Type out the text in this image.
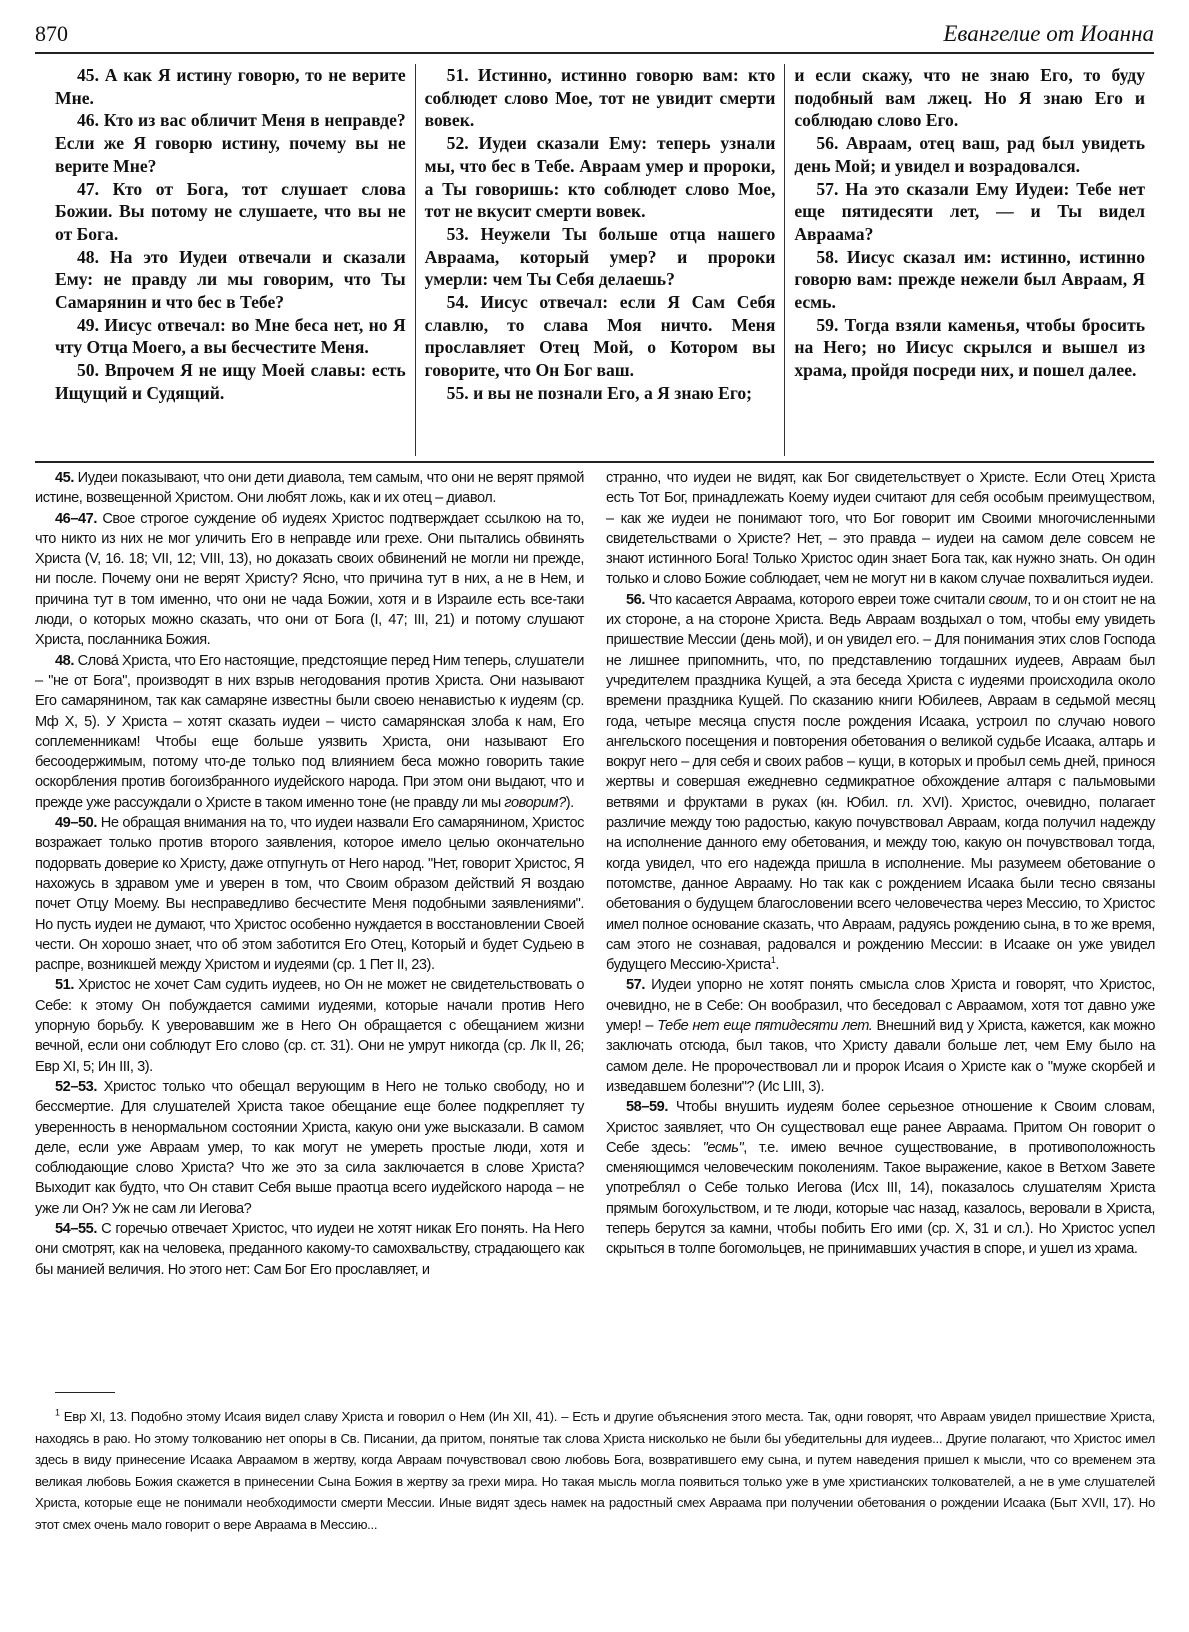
870	Евангелие от Иоанна

45. А как Я истину говорю, то не верите Мне.

46. Кто из вас обличит Меня в неправде? Если же Я говорю истину, почему вы не верите Мне?

47. Кто от Бога, тот слушает слова Божии. Вы потому не слушаете, что вы не от Бога.

48. На это Иудеи отвечали и сказали Ему: не правду ли мы говорим, что Ты Самарянин и что бес в Тебе?

49. Иисус отвечал: во Мне беса нет, но Я чту Отца Моего, а вы бесчестите Меня.

50. Впрочем Я не ищу Моей славы: есть Ищущий и Судящий.

51. Истинно, истинно говорю вам: кто соблюдет слово Мое, тот не увидит смерти вовек.

52. Иудеи сказали Ему: теперь узнали мы, что бес в Тебе. Авраам умер и пророки, а Ты говоришь: кто соблюдет слово Мое, тот не вкусит смерти вовек.

53. Неужели Ты больше отца нашего Авраама, который умер? и пророки умерли: чем Ты Себя делаешь?

54. Иисус отвечал: если Я Сам Себя славлю, то слава Моя ничто. Меня прославляет Отец Мой, о Котором вы говорите, что Он Бог ваш.

55. и вы не познали Его, а Я знаю Его;

и если скажу, что не знаю Его, то буду подобный вам лжец. Но Я знаю Его и соблюдаю слово Его.

56. Авраам, отец ваш, рад был увидеть день Мой; и увидел и возрадовался.

57. На это сказали Ему Иудеи: Тебе нет еще пятидесяти лет, — и Ты видел Авраама?

58. Иисус сказал им: истинно, истинно говорю вам: прежде нежели был Авраам, Я есмь.

59. Тогда взяли каменья, чтобы бросить на Него; но Иисус скрылся и вышел из храма, пройдя посреди них, и пошел далее.

45. Иудеи показывают, что они дети диавола, тем самым, что они не верят прямой истине, возвещенной Христом. Они любят ложь, как и их отец – диавол.

46–47. Свое строгое суждение об иудеях Христос подтверждает ссылкою на то, что никто из них не мог уличить Его в неправде или грехе. Они пытались обвинять Христа (V, 16. 18; VII, 12; VIII, 13), но доказать своих обвинений не могли ни прежде, ни после. Почему они не верят Христу? Ясно, что причина тут в них, а не в Нем, и причина тут в том именно, что они не чада Божии, хотя и в Израиле есть все-таки люди, о которых можно сказать, что они от Бога (I, 47; III, 21) и потому слушают Христа, посланника Божия.

48. Слова́ Христа, что Его настоящие, предстоящие перед Ним теперь, слушатели – "не от Бога", производят в них взрыв негодования против Христа. Они называют Его самарянином, так как самаряне известны были своею ненавистью к иудеям (ср. Мф X, 5). У Христа – хотят сказать иудеи – чисто самарянская злоба к нам, Его соплеменникам! Чтобы еще больше уязвить Христа, они называют Его бесоодержимым, потому что-де только под влиянием беса можно говорить такие оскорбления против богоизбранного иудейского народа. При этом они выдают, что и прежде уже рассуждали о Христе в таком именно тоне (не правду ли мы говорим?).

49–50. Не обращая внимания на то, что иудеи назвали Его самарянином, Христос возражает только против второго заявления, которое имело целью окончательно подорвать доверие ко Христу, даже отпугнуть от Него народ. "Нет, говорит Христос, Я нахожусь в здравом уме и уверен в том, что Своим образом действий Я воздаю почет Отцу Моему. Вы несправедливо бесчестите Меня подобными заявлениями". Но пусть иудеи не думают, что Христос особенно нуждается в восстановлении Своей чести. Он хорошо знает, что об этом заботится Его Отец, Который и будет Судьею в распре, возникшей между Христом и иудеями (ср. 1 Пет II, 23).

51. Христос не хочет Сам судить иудеев, но Он не может не свидетельствовать о Себе: к этому Он побуждается самими иудеями, которые начали против Него упорную борьбу. К уверовавшим же в Него Он обращается с обещанием жизни вечной, если они соблюдут Его слово (ср. ст. 31). Они не умрут никогда (ср. Лк II, 26; Евр XI, 5; Ин III, 3).

52–53. Христос только что обещал верующим в Него не только свободу, но и бессмертие. Для слушателей Христа такое обещание еще более подкрепляет ту уверенность в ненормальном состоянии Христа, какую они уже высказали. В самом деле, если уже Авраам умер, то как могут не умереть простые люди, хотя и соблюдающие слово Христа? Что же это за сила заключается в слове Христа? Выходит как будто, что Он ставит Себя выше праотца всего иудейского народа – не уже ли Он? Уж не сам ли Иегова?

54–55. С горечью отвечает Христос, что иудеи не хотят никак Его понять. На Него они смотрят, как на человека, преданного какому-то самохвальству, страдающего как бы манией величия. Но этого нет: Сам Бог Его прославляет, и

странно, что иудеи не видят, как Бог свидетельствует о Христе. Если Отец Христа есть Тот Бог, принадлежать Коему иудеи считают для себя особым преимуществом, – как же иудеи не понимают того, что Бог говорит им Своими многочисленными свидетельствами о Христе? Нет, – это правда – иудеи на самом деле совсем не знают истинного Бога! Только Христос один знает Бога так, как нужно знать. Он один только и слово Божие соблюдает, чем не могут ни в каком случае похвалиться иудеи.

56. Что касается Авраама, которого евреи тоже считали своим, то и он стоит не на их стороне, а на стороне Христа. Ведь Авраам воздыхал о том, чтобы ему увидеть пришествие Мессии (день мой), и он увидел его. – Для понимания этих слов Господа не лишнее припомнить, что, по представлению тогдашних иудеев, Авраам был учредителем праздника Кущей, а эта беседа Христа с иудеями происходила около времени праздника Кущей. По сказанию книги Юбилеев, Авраам в седьмой месяц года, четыре месяца спустя после рождения Исаака, устроил по случаю нового ангельского посещения и повторения обетования о великой судьбе Исаака, алтарь и вокруг него – для себя и своих рабов – кущи, в которых и пробыл семь дней, принося жертвы и совершая ежедневно седмикратное обхождение алтаря с пальмовыми ветвями и фруктами в руках (кн. Юбил. гл. XVI). Христос, очевидно, полагает различие между тою радостью, какую почувствовал Авраам, когда получил надежду на исполнение данного ему обетования, и между тою, какую он почувствовал тогда, когда увидел, что его надежда пришла в исполнение. Мы разумеем обетование о потомстве, данное Аврааму. Но так как с рождением Исаака были тесно связаны обетования о будущем благословении всего человечества через Мессию, то Христос имел полное основание сказать, что Авраам, радуясь рождению сына, в то же время, сам этого не сознавая, радовался и рождению Мессии: в Исааке он уже увидел будущего Мессию-Христа$^1$.

57. Иудеи упорно не хотят понять смысла слов Христа и говорят, что Христос, очевидно, не в Себе: Он вообразил, что беседовал с Авраамом, хотя тот давно уже умер! – Тебе нет еще пятидесяти лет. Внешний вид у Христа, кажется, как можно заключать отсюда, был таков, что Христу давали больше лет, чем Ему было на самом деле. Не пророчествовал ли и пророк Исаия о Христе как о "муже скорбей и изведавшем болезни"? (Ис LIII, 3).

58–59. Чтобы внушить иудеям более серьезное отношение к Своим словам, Христос заявляет, что Он существовал еще ранее Авраама. Притом Он говорит о Себе здесь: "есмь", т.е. имею вечное существование, в противоположность сменяющимся человеческим поколениям. Такое выражение, какое в Ветхом Завете употреблял о Себе только Иегова (Исх III, 14), показалось слушателям Христа прямым богохульством, и те люди, которые час назад, казалось, веровали в Христа, теперь берутся за камни, чтобы побить Его ими (ср. X, 31 и сл.). Но Христос успел скрыться в толпе богомольцев, не принимавших участия в споре, и ушел из храма.

$^1$ Евр XI, 13. Подобно этому Исаия видел славу Христа и говорил о Нем (Ин XII, 41). – Есть и другие объяснения этого места. Так, одни говорят, что Авраам увидел пришествие Христа, находясь в раю. Но этому толкованию нет опоры в Св. Писании, да притом, понятые так слова Христа нисколько не были бы убедительны для иудеев... Другие полагают, что Христос имел здесь в виду принесение Исаака Авраамом в жертву, когда Авраам почувствовал свою любовь Бога, возвратившего ему сына, и путем наведения пришел к мысли, что со временем эта великая любовь Божия скажется в принесении Сына Божия в жертву за грехи мира. Но такая мысль могла появиться только уже в уме христианских толкователей, а не в уме слушателей Христа, которые еще не понимали необходимости смерти Мессии. Иные видят здесь намек на радостный смех Авраама при получении обетования о рождении Исаака (Быт XVII, 17). Но этот смех очень мало говорит о вере Авраама в Мессию...
